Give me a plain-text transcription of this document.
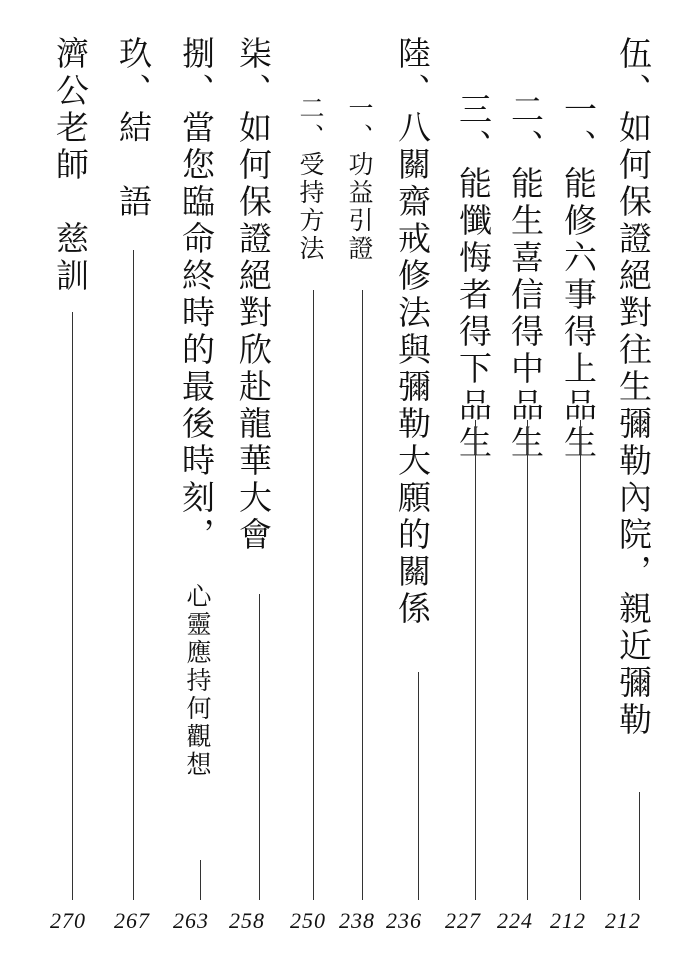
伍、如何保證絕對往生彌勒內院，親近彌勒
212
一、能修六事得上品生
212
二、能生喜信得中品生
224
三、能懺悔者得下品生
227
陸、八關齋戒修法與彌勒大願的關係
236
一、功益引證
238
二、受持方法
250
柒、如何保證絕對欣赴龍華大會
258
捌、當您臨命終時的最後時刻，
心靈應持何觀想
263
玖、結　語
267
濟公老師　慈訓
270
